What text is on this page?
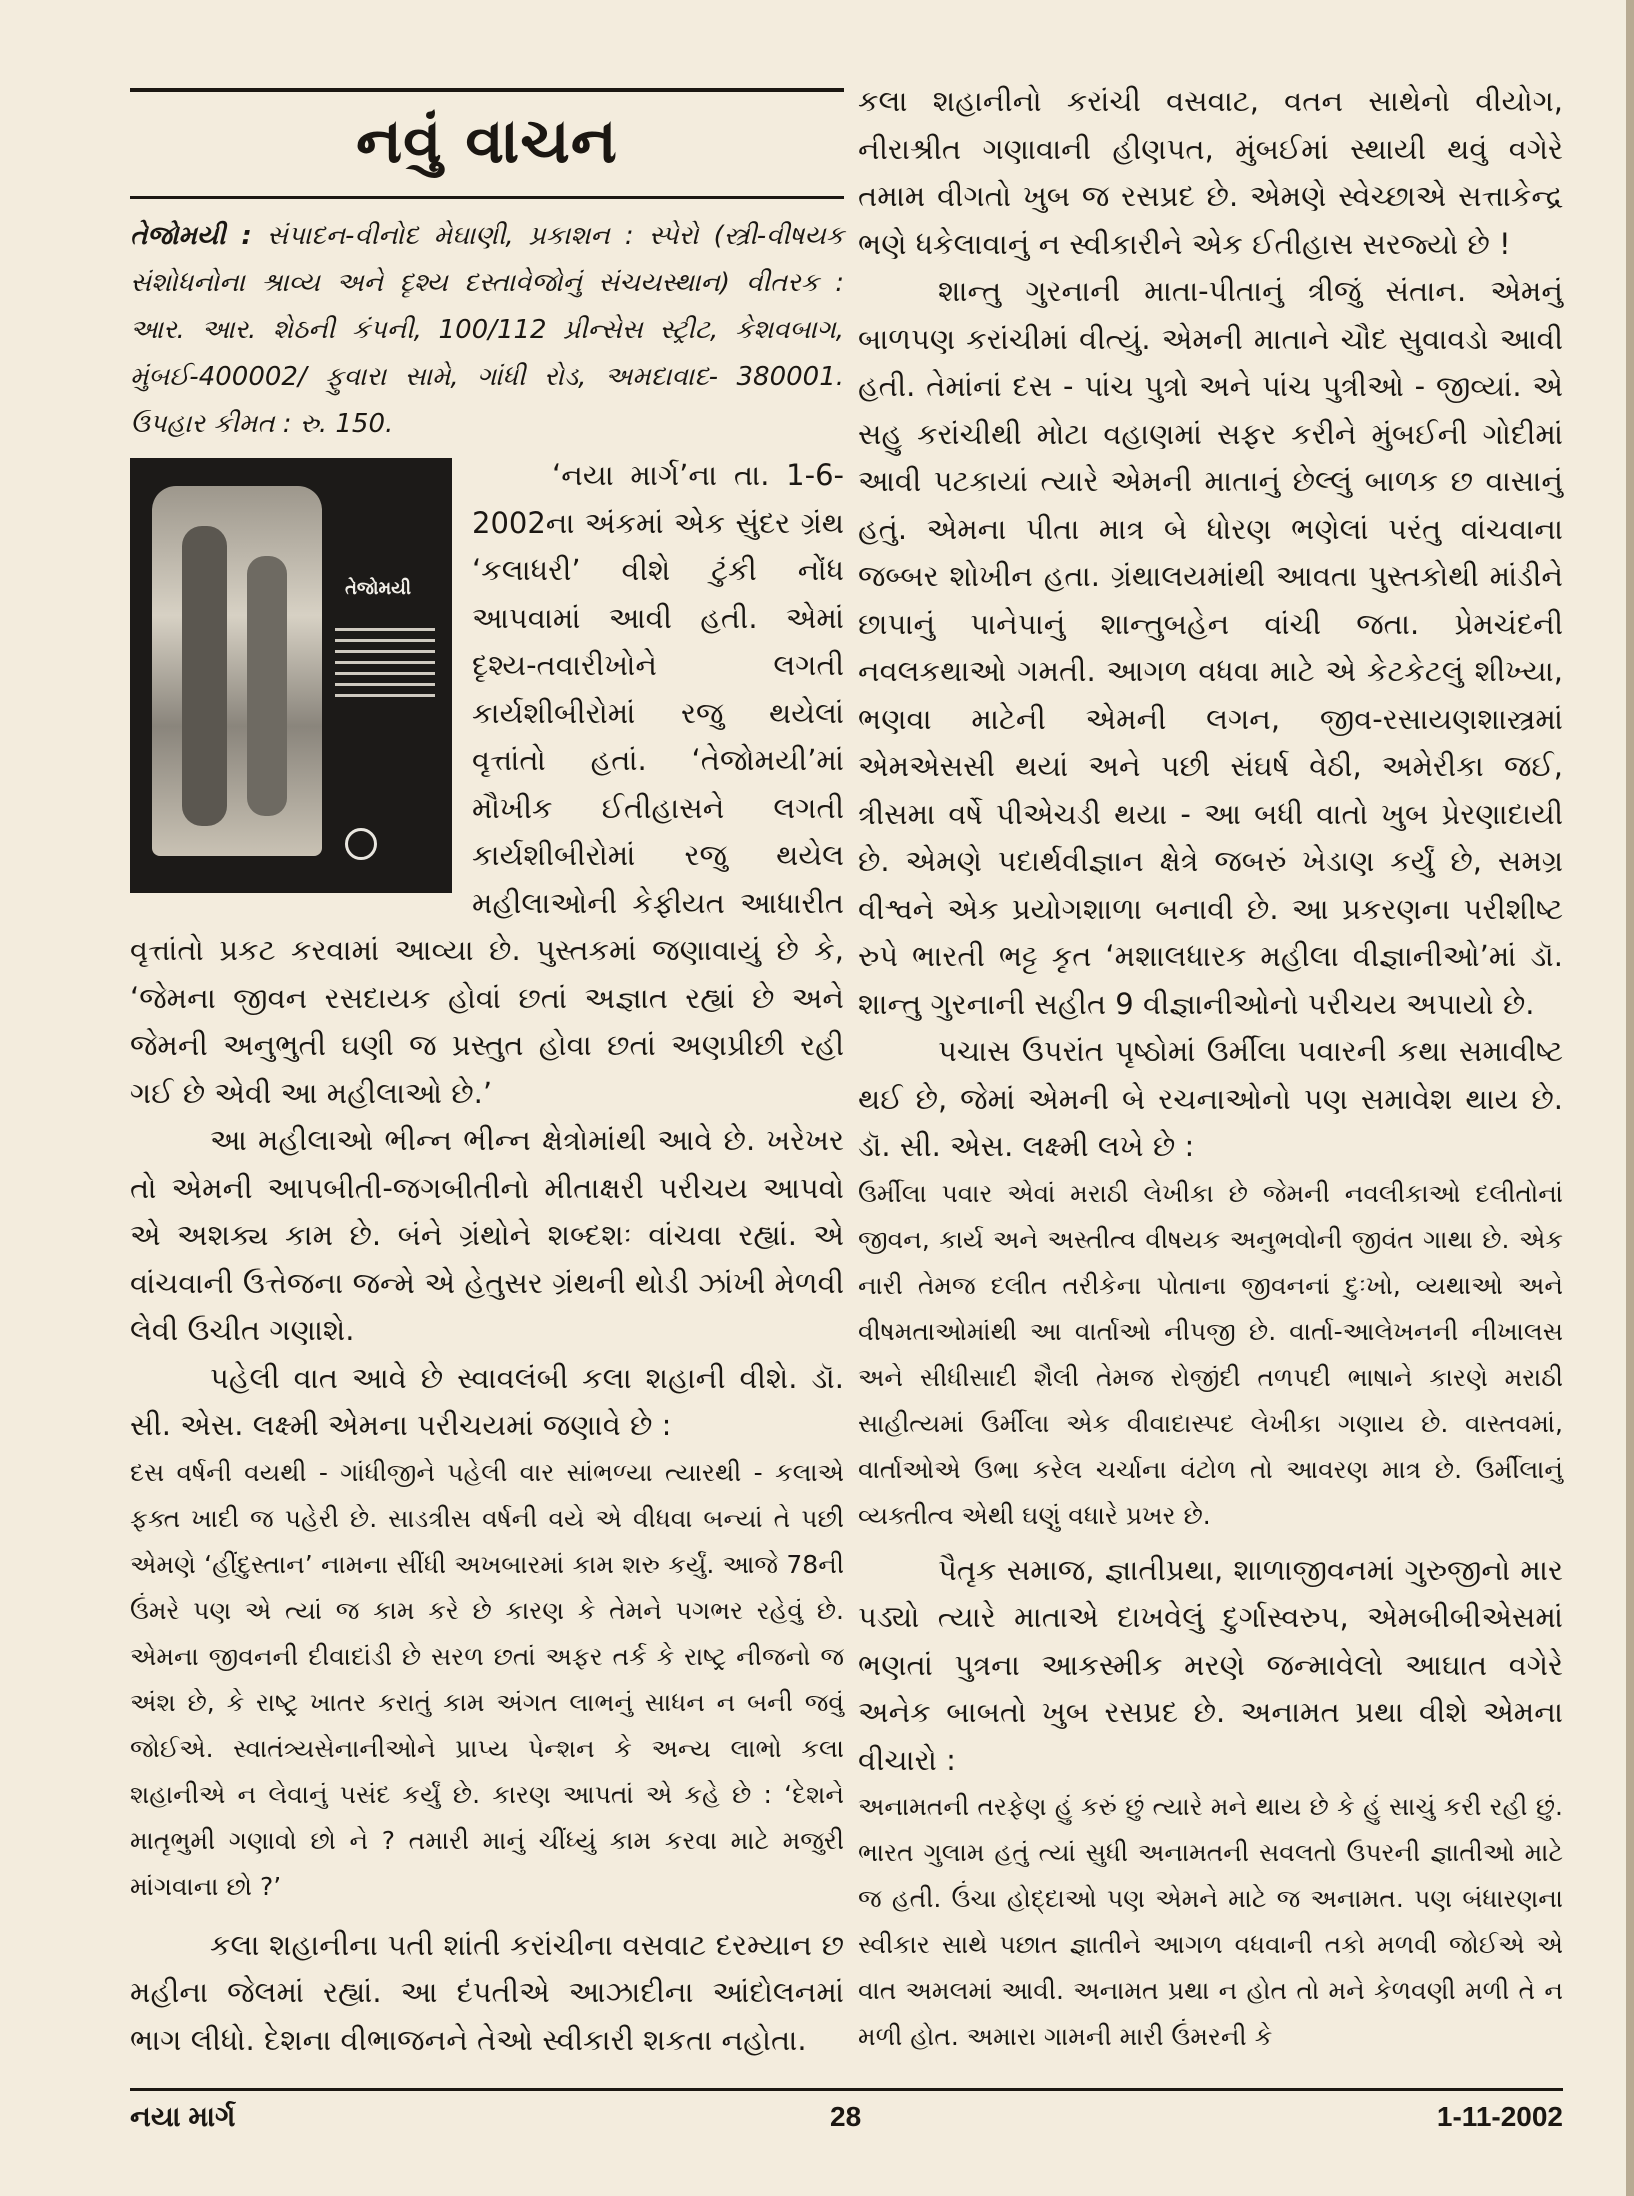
નવું વાચન

તેજોમયી : સંપાદન-વીનોદ મેઘાણી, પ્રકાશન : સ્પેરો (સ્ત્રી-વીષયક સંશોધનોના શ્રાવ્ય અને દૃશ્ય દસ્તાવેજોનું સંચયસ્થાન) વીતરક : આર. આર. શેઠની કંપની, 100/112 પ્રીન્સેસ સ્ટ્રીટ, કેશવબાગ, મુંબઈ-400002/ ફુવારા સામે, ગાંધી રોડ, અમદાવાદ- 380001. ઉપહાર કીમત : રુ. 150.

તેજોમયી

‘નયા માર્ગ’ના તા. 1-6-2002ના અંકમાં એક સુંદર ગ્રંથ ‘કલાધરી’ વીશે ટુંકી નોંધ આપવામાં આવી હતી. એમાં દૃશ્ય-તવારીખોને લગતી કાર્યશીબીરોમાં રજુ થયેલાં વૃત્તાંતો હતાં. ‘તેજોમયી’માં મૌખીક ઈતીહાસને લગતી કાર્યશીબીરોમાં રજુ થયેલ મહીલાઓની કેફીયત આધારીત વૃત્તાંતો પ્રકટ કરવામાં આવ્યા છે. પુસ્તકમાં જણાવાયું છે કે, ‘જેમના જીવન રસદાયક હોવાં છતાં અજ્ઞાત રહ્યાં છે અને જેમની અનુભુતી ઘણી જ પ્રસ્તુત હોવા છતાં અણપ્રીછી રહી ગઈ છે એવી આ મહીલાઓ છે.’

આ મહીલાઓ ભીન્ન ભીન્ન ક્ષેત્રોમાંથી આવે છે. ખરેખર તો એમની આપબીતી-જગબીતીનો મીતાક્ષરી પરીચય આપવો એ અશક્ય કામ છે. બંને ગ્રંથોને શબ્દશઃ વાંચવા રહ્યાં. એ વાંચવાની ઉત્તેજના જન્મે એ હેતુસર ગ્રંથની થોડી ઝાંખી મેળવી લેવી ઉચીત ગણાશે.

પહેલી વાત આવે છે સ્વાવલંબી કલા શહાની વીશે. ડૉ. સી. એસ. લક્ષ્મી એમના પરીચયમાં જણાવે છે :

દસ વર્ષની વયથી - ગાંધીજીને પહેલી વાર સાંભળ્યા ત્યારથી - કલાએ ફક્ત ખાદી જ પહેરી છે. સાડત્રીસ વર્ષની વયે એ વીધવા બન્યાં તે પછી એમણે ‘હીંદુસ્તાન’ નામના સીંધી અખબારમાં કામ શરુ કર્યું. આજે 78ની ઉંમરે પણ એ ત્યાં જ કામ કરે છે કારણ કે તેમને પગભર રહેવું છે. એમના જીવનની દીવાદાંડી છે સરળ છતાં અફર તર્ક કે રાષ્ટ્ર નીજનો જ અંશ છે, કે રાષ્ટ્ર ખાતર કરાતું કામ અંગત લાભનું સાધન ન બની જવું જોઈએ. સ્વાતંત્ર્યસેનાનીઓને પ્રાપ્ય પેન્શન કે અન્ય લાભો કલા શહાનીએ ન લેવાનું પસંદ કર્યું છે. કારણ આપતાં એ કહે છે : ‘દેશને માતૃભુમી ગણાવો છો ને ? તમારી માનું ચીંધ્યું કામ કરવા માટે મજુરી માંગવાના છો ?’

કલા શહાનીના પતી શાંતી કરાંચીના વસવાટ દરમ્યાન છ મહીના જેલમાં રહ્યાં. આ દંપતીએ આઝાદીના આંદોલનમાં ભાગ લીધો. દેશના વીભાજનને તેઓ સ્વીકારી શકતા નહોતા.

કલા શહાનીનો કરાંચી વસવાટ, વતન સાથેનો વીયોગ, નીરાશ્રીત ગણાવાની હીણપત, મુંબઈમાં સ્થાયી થવું વગેરે તમામ વીગતો ખુબ જ રસપ્રદ છે. એમણે સ્વેચ્છાએ સત્તાકેન્દ્ર ભણે ધકેલાવાનું ન સ્વીકારીને એક ઈતીહાસ સરજ્યો છે !

શાન્તુ ગુરનાની માતા-પીતાનું ત્રીજું સંતાન. એમનું બાળપણ કરાંચીમાં વીત્યું. એમની માતાને ચૌદ સુવાવડો આવી હતી. તેમાંનાં દસ - પાંચ પુત્રો અને પાંચ પુત્રીઓ - જીવ્યાં. એ સહુ કરાંચીથી મોટા વહાણમાં સફર કરીને મુંબઈની ગોદીમાં આવી પટકાયાં ત્યારે એમની માતાનું છેલ્લું બાળક છ વાસાનું હતું. એમના પીતા માત્ર બે ધોરણ ભણેલાં પરંતુ વાંચવાના જબ્બર શોખીન હતા. ગ્રંથાલયમાંથી આવતા પુસ્તકોથી માંડીને છાપાનું પાનેપાનું શાન્તુબહેન વાંચી જતા. પ્રેમચંદની નવલકથાઓ ગમતી. આગળ વધવા માટે એ કેટકેટલું શીખ્યા, ભણવા માટેની એમની લગન, જીવ-રસાયણશાસ્ત્રમાં એમએસસી થયાં અને પછી સંઘર્ષ વેઠી, અમેરીકા જઈ, ત્રીસમા વર્ષે પીએચડી થયા - આ બધી વાતો ખુબ પ્રેરણાદાયી છે. એમણે પદાર્થવીજ્ઞાન ક્ષેત્રે જબરું ખેડાણ કર્યું છે, સમગ્ર વીશ્વને એક પ્રયોગશાળા બનાવી છે. આ પ્રકરણના પરીશીષ્ટ રુપે ભારતી ભટ્ટ કૃત ‘મશાલધારક મહીલા વીજ્ઞાનીઓ’માં ડૉ. શાન્તુ ગુરનાની સહીત 9 વીજ્ઞાનીઓનો પરીચય અપાયો છે.

પચાસ ઉપરાંત પૃષ્ઠોમાં ઉર્મીલા પવારની કથા સમાવીષ્ટ થઈ છે, જેમાં એમની બે રચનાઓનો પણ સમાવેશ થાય છે. ડૉ. સી. એસ. લક્ષ્મી લખે છે :

ઉર્મીલા પવાર એવાં મરાઠી લેખીકા છે જેમની નવલીકાઓ દલીતોનાં જીવન, કાર્ય અને અસ્તીત્વ વીષયક અનુભવોની જીવંત ગાથા છે. એક નારી તેમજ દલીત તરીકેના પોતાના જીવનનાં દુઃખો, વ્યથાઓ અને વીષમતાઓમાંથી આ વાર્તાઓ નીપજી છે. વાર્તા-આલેખનની નીખાલસ અને સીધીસાદી શૈલી તેમજ રોજીંદી તળપદી ભાષાને કારણે મરાઠી સાહીત્યમાં ઉર્મીલા એક વીવાદાસ્પદ લેખીકા ગણાય છે. વાસ્તવમાં, વાર્તાઓએ ઉભા કરેલ ચર્ચાના વંટોળ તો આવરણ માત્ર છે. ઉર્મીલાનું વ્યક્તીત્વ એથી ઘણું વધારે પ્રખર છે.

પૈતૃક સમાજ, જ્ઞાતીપ્રથા, શાળાજીવનમાં ગુરુજીનો માર પડ્યો ત્યારે માતાએ દાખવેલું દુર્ગાસ્વરુપ, એમબીબીએસમાં ભણતાં પુત્રના આકસ્મીક મરણે જન્માવેલો આઘાત વગેરે અનેક બાબતો ખુબ રસપ્રદ છે. અનામત પ્રથા વીશે એમના વીચારો :

અનામતની તરફેણ હું કરું છું ત્યારે મને થાય છે કે હું સાચું કરી રહી છું. ભારત ગુલામ હતું ત્યાં સુધી અનામતની સવલતો ઉપરની જ્ઞાતીઓ માટે જ હતી. ઉંચા હોદ્દાઓ પણ એમને માટે જ અનામત. પણ બંધારણના સ્વીકાર સાથે પછાત જ્ઞાતીને આગળ વધવાની તકો મળવી જોઈએ એ વાત અમલમાં આવી. અનામત પ્રથા ન હોત તો મને કેળવણી મળી તે ન મળી હોત. અમારા ગામની મારી ઉંમરની કે

નયા માર્ગ	28	1-11-2002
